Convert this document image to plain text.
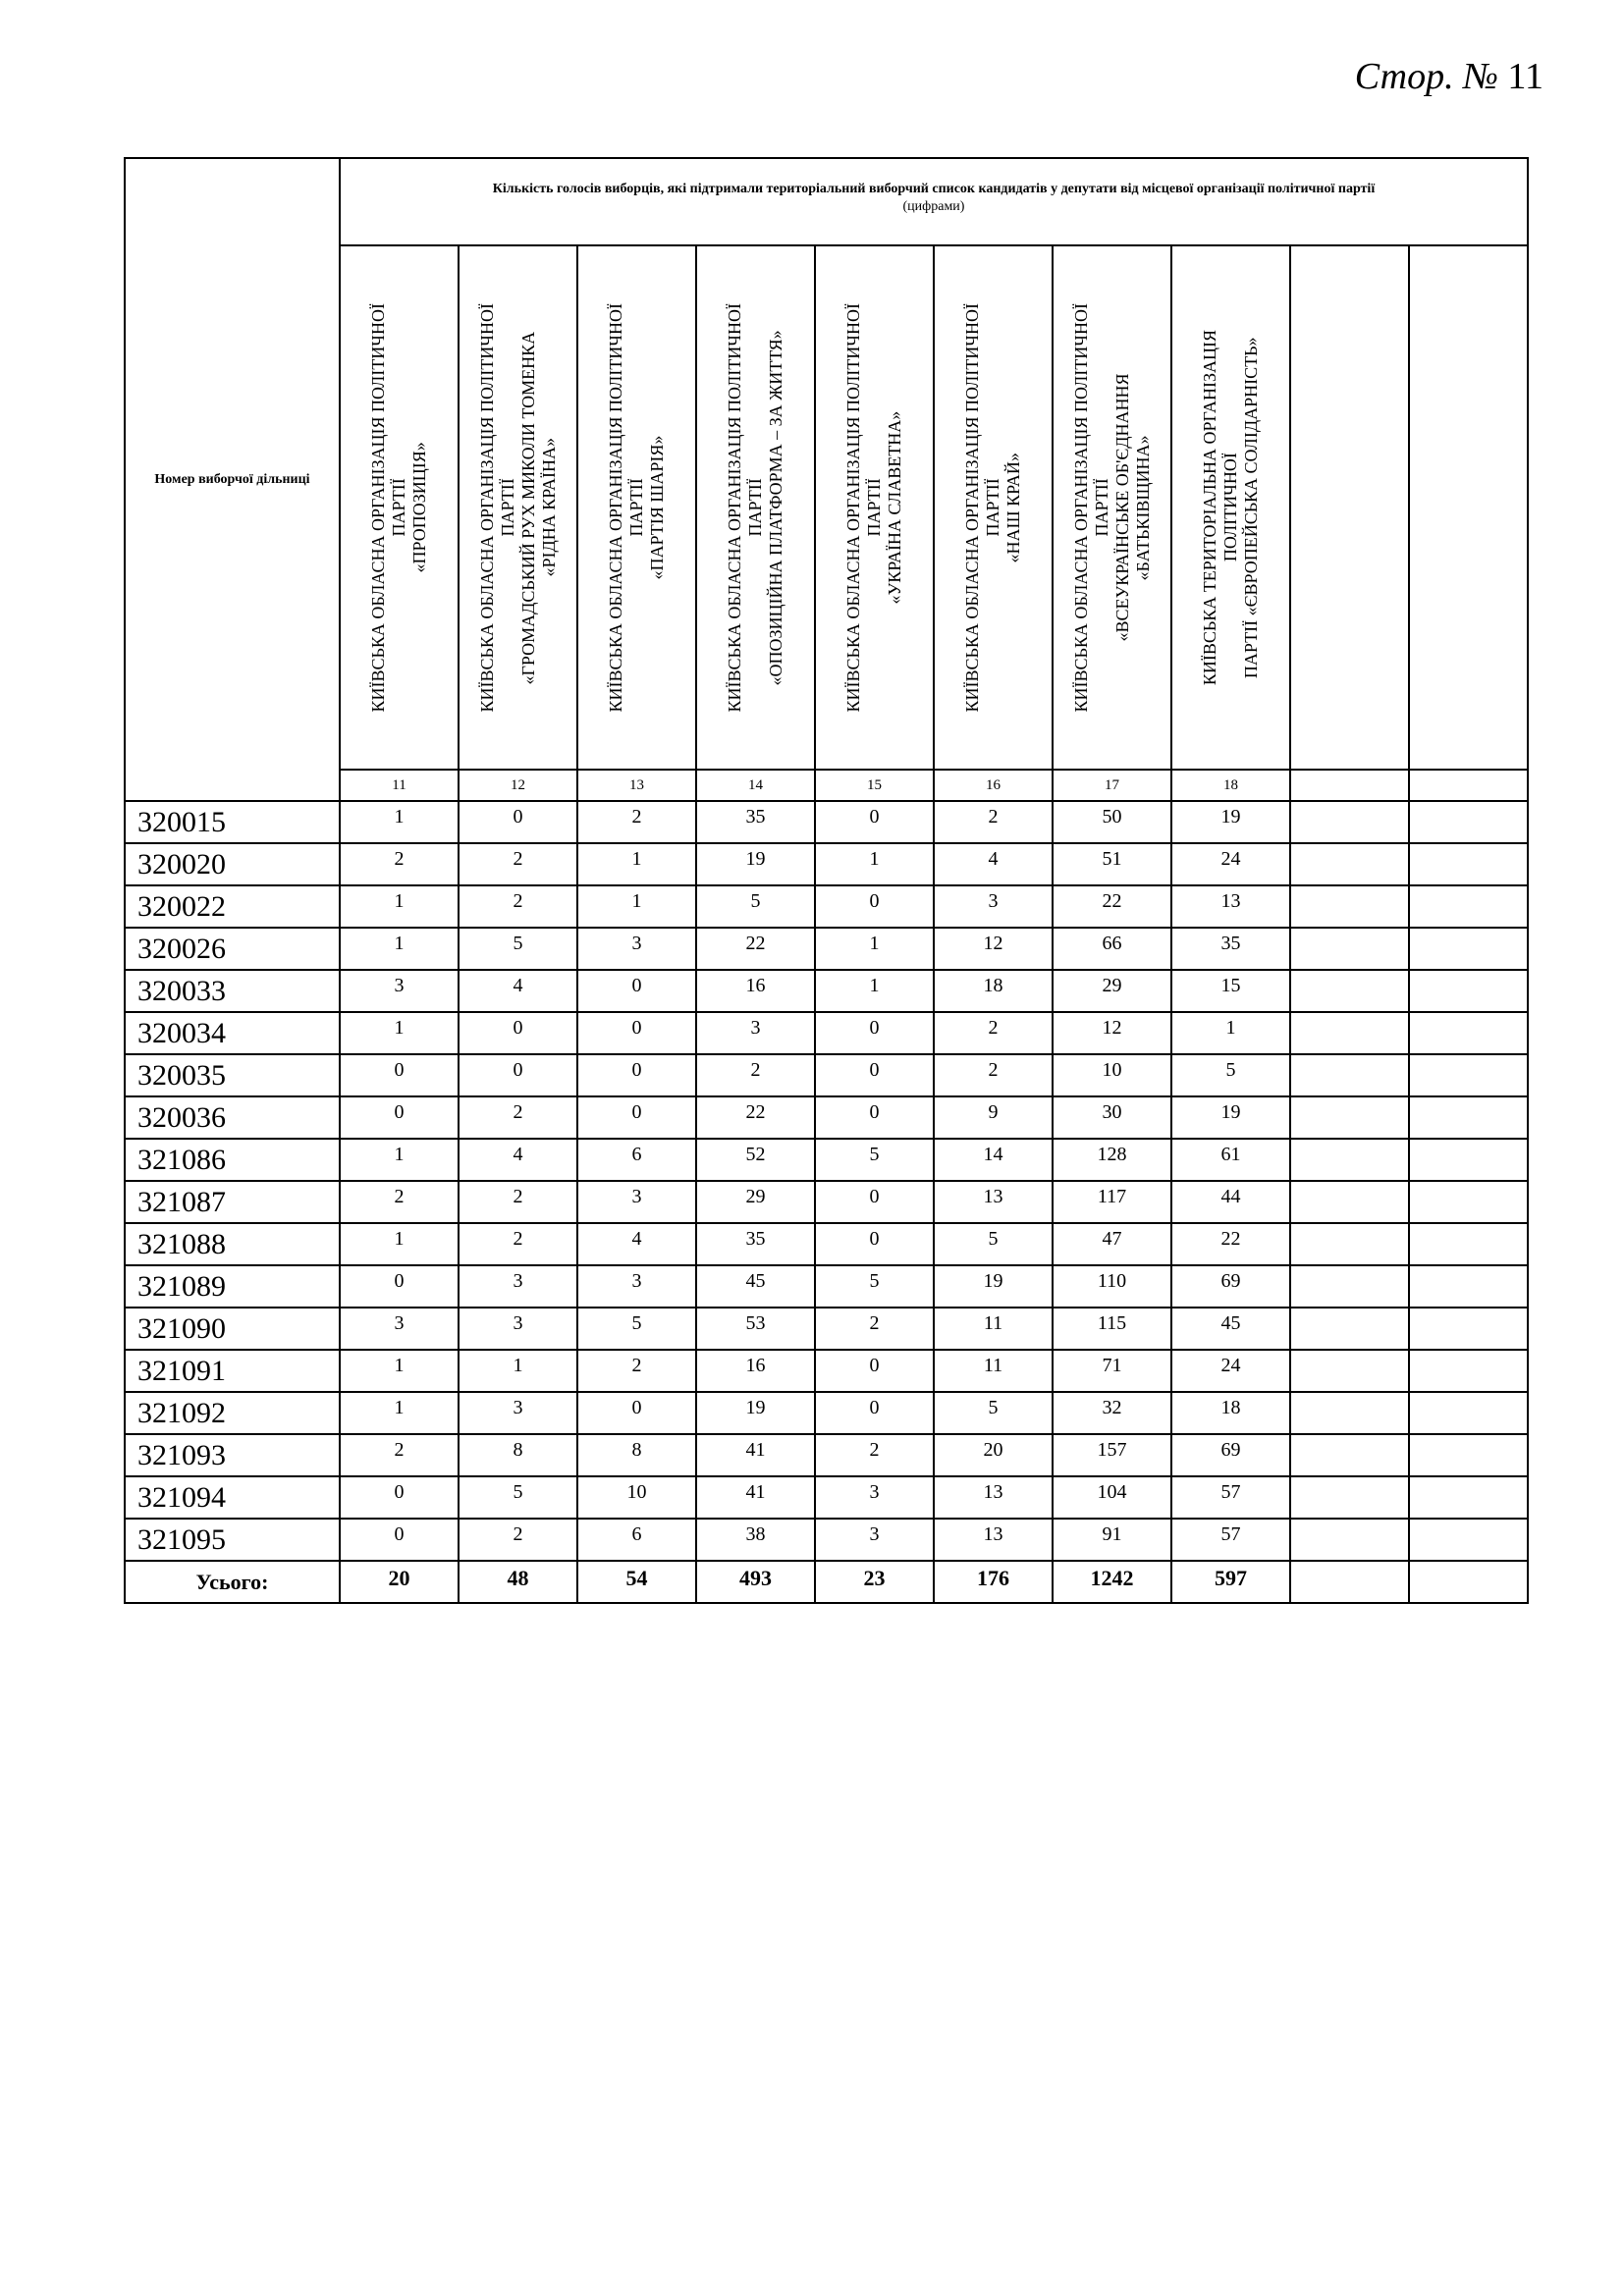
Стор. № 11
Номер виборчої дільниці	Кількість голосів виборців, які підтримали територіальний виборчий список кандидатів у депутати від місцевої організації політичної партії
(цифрами)									

	КИЇВСЬКА ОБЛАСНА ОРГАНІЗАЦІЯ ПОЛІТИЧНОЇ
ПАРТІЇ
«ПРОПОЗИЦІЯ»	КИЇВСЬКА ОБЛАСНА ОРГАНІЗАЦІЯ ПОЛІТИЧНОЇ
ПАРТІЇ
«ГРОМАДСЬКИЙ РУХ МИКОЛИ ТОМЕНКА
«РІДНА КРАЇНА»	КИЇВСЬКА ОБЛАСНА ОРГАНІЗАЦІЯ ПОЛІТИЧНОЇ
ПАРТІЇ
«ПАРТІЯ ШАРІЯ»	КИЇВСЬКА ОБЛАСНА ОРГАНІЗАЦІЯ ПОЛІТИЧНОЇ
ПАРТІЇ
«ОПОЗИЦІЙНА ПЛАТФОРМА – ЗА ЖИТТЯ»	КИЇВСЬКА ОБЛАСНА ОРГАНІЗАЦІЯ ПОЛІТИЧНОЇ
ПАРТІЇ
«УКРАЇНА СЛАВЕТНА»	КИЇВСЬКА ОБЛАСНА ОРГАНІЗАЦІЯ ПОЛІТИЧНОЇ
ПАРТІЇ
«НАШ КРАЙ»	КИЇВСЬКА ОБЛАСНА ОРГАНІЗАЦІЯ ПОЛІТИЧНОЇ
ПАРТІЇ
«ВСЕУКРАЇНСЬКЕ ОБ'ЄДНАННЯ
«БАТЬКІВЩИНА»	КИЇВСЬКА ТЕРИТОРІАЛЬНА ОРГАНІЗАЦІЯ
ПОЛІТИЧНОЇ
ПАРТІЇ «ЄВРОПЕЙСЬКА СОЛІДАРНІСТЬ»		

	11	12	13	14	15	16	17	18		
320015	1	0	2	35	0	2	50	19		
320020	2	2	1	19	1	4	51	24		
320022	1	2	1	5	0	3	22	13		
320026	1	5	3	22	1	12	66	35		
320033	3	4	0	16	1	18	29	15		
320034	1	0	0	3	0	2	12	1		
320035	0	0	0	2	0	2	10	5		
320036	0	2	0	22	0	9	30	19		
321086	1	4	6	52	5	14	128	61		
321087	2	2	3	29	0	13	117	44		
321088	1	2	4	35	0	5	47	22		
321089	0	3	3	45	5	19	110	69		
321090	3	3	5	53	2	11	115	45		
321091	1	1	2	16	0	11	71	24		
321092	1	3	0	19	0	5	32	18		
321093	2	8	8	41	2	20	157	69		
321094	0	5	10	41	3	13	104	57		
321095	0	2	6	38	3	13	91	57		
Усього:	20	48	54	493	23	176	1242	597		
